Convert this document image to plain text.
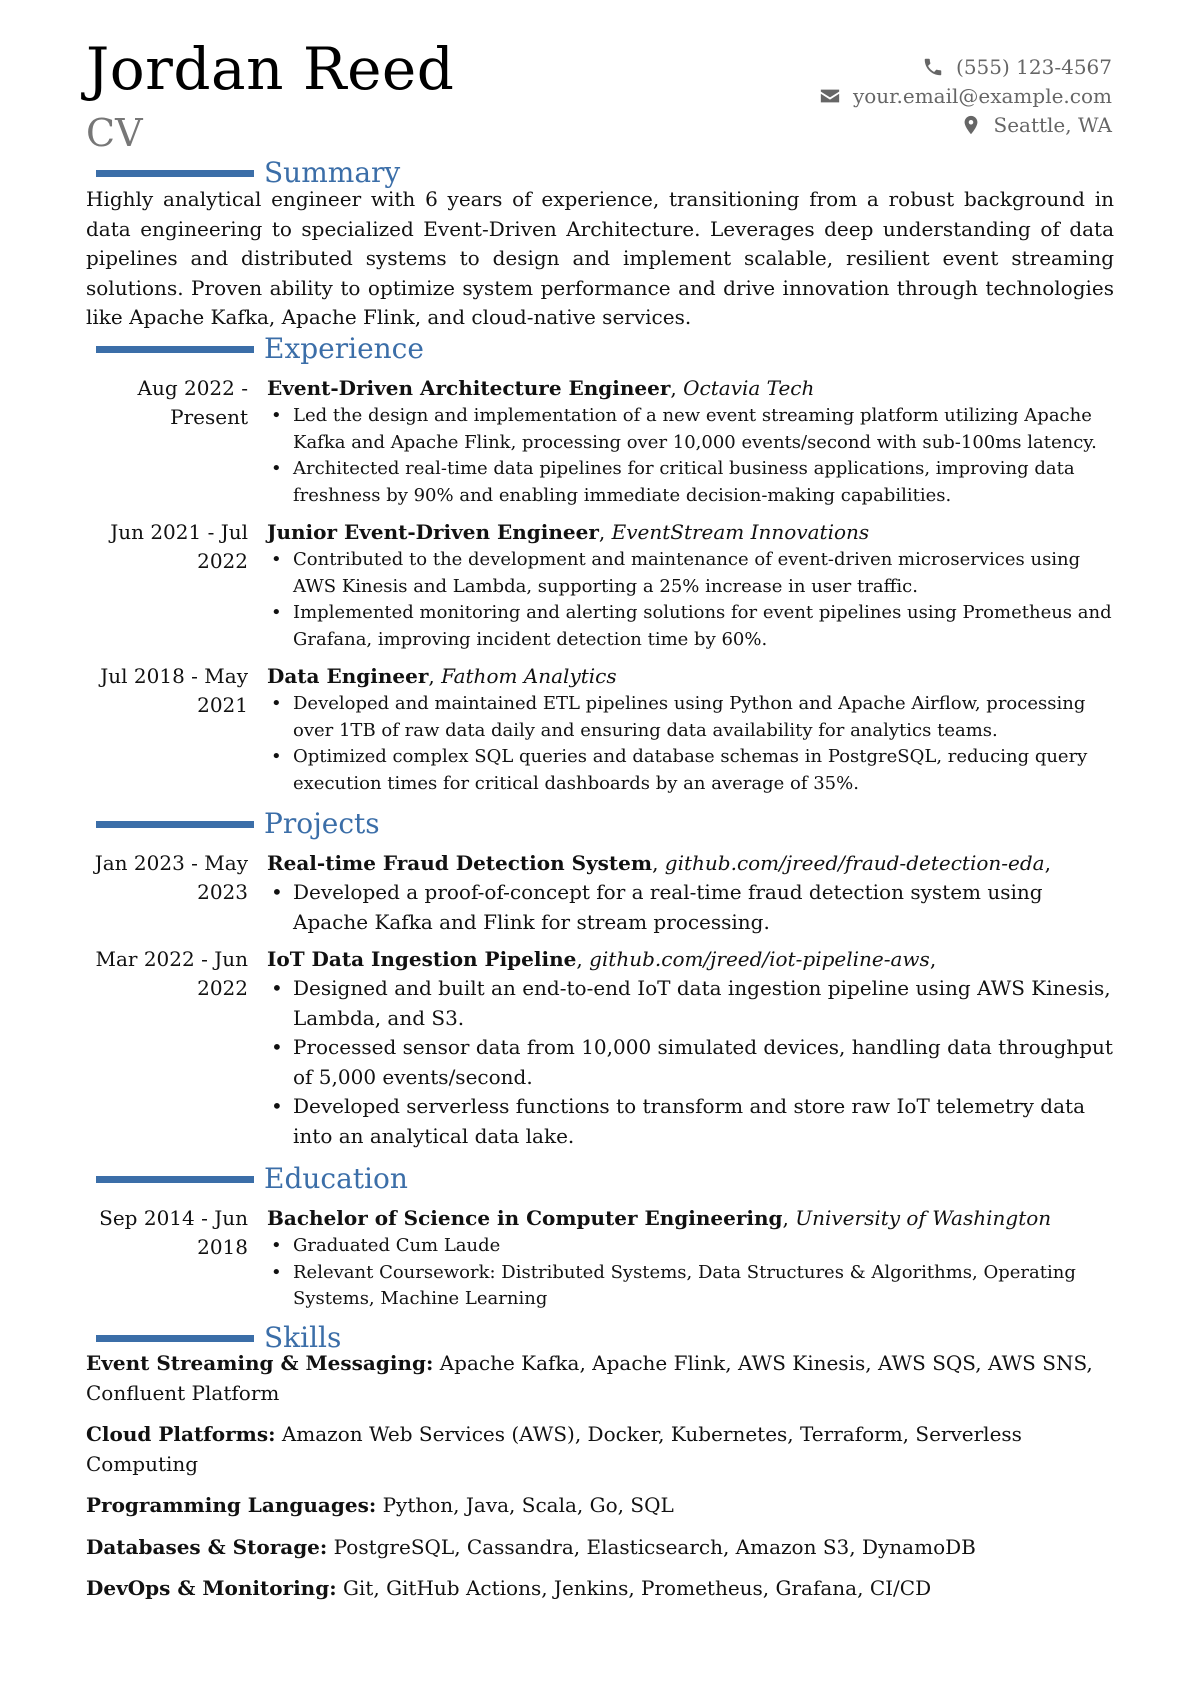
Jordan Reed
CV
(555) 123-4567
your.email@example.com
Seattle, WA
Summary
Highly analytical engineer with 6 years of experience, transitioning from a robust background in data engineering to specialized Event-Driven Architecture. Leverages deep understanding of data pipelines and distributed systems to design and implement scalable, resilient event streaming solutions. Proven ability to optimize system performance and drive innovation through technologies like Apache Kafka, Apache Flink, and cloud-native services.
Experience
Aug 2022 -
Present
Event-Driven Architecture Engineer, Octavia Tech
• Led the design and implementation of a new event streaming platform utilizing Apache Kafka and Apache Flink, processing over 10,000 events/second with sub-100ms latency.
• Architected real-time data pipelines for critical business applications, improving data freshness by 90% and enabling immediate decision-making capabilities.
Jun 2021 - Jul
2022
Junior Event-Driven Engineer, EventStream Innovations
• Contributed to the development and maintenance of event-driven microservices using AWS Kinesis and Lambda, supporting a 25% increase in user traffic.
• Implemented monitoring and alerting solutions for event pipelines using Prometheus and Grafana, improving incident detection time by 60%.
Jul 2018 - May
2021
Data Engineer, Fathom Analytics
• Developed and maintained ETL pipelines using Python and Apache Airflow, processing over 1TB of raw data daily and ensuring data availability for analytics teams.
• Optimized complex SQL queries and database schemas in PostgreSQL, reducing query execution times for critical dashboards by an average of 35%.
Projects
Jan 2023 - May
2023
Real-time Fraud Detection System, github.com/jreed/fraud-detection-eda,
• Developed a proof-of-concept for a real-time fraud detection system using Apache Kafka and Flink for stream processing.
Mar 2022 - Jun
2022
IoT Data Ingestion Pipeline, github.com/jreed/iot-pipeline-aws,
• Designed and built an end-to-end IoT data ingestion pipeline using AWS Kinesis, Lambda, and S3.
• Processed sensor data from 10,000 simulated devices, handling data throughput of 5,000 events/second.
• Developed serverless functions to transform and store raw IoT telemetry data into an analytical data lake.
Education
Sep 2014 - Jun
2018
Bachelor of Science in Computer Engineering, University of Washington
• Graduated Cum Laude
• Relevant Coursework: Distributed Systems, Data Structures & Algorithms, Operating Systems, Machine Learning
Skills
Event Streaming & Messaging: Apache Kafka, Apache Flink, AWS Kinesis, AWS SQS, AWS SNS, Confluent Platform
Cloud Platforms: Amazon Web Services (AWS), Docker, Kubernetes, Terraform, Serverless Computing
Programming Languages: Python, Java, Scala, Go, SQL
Databases & Storage: PostgreSQL, Cassandra, Elasticsearch, Amazon S3, DynamoDB
DevOps & Monitoring: Git, GitHub Actions, Jenkins, Prometheus, Grafana, CI/CD
